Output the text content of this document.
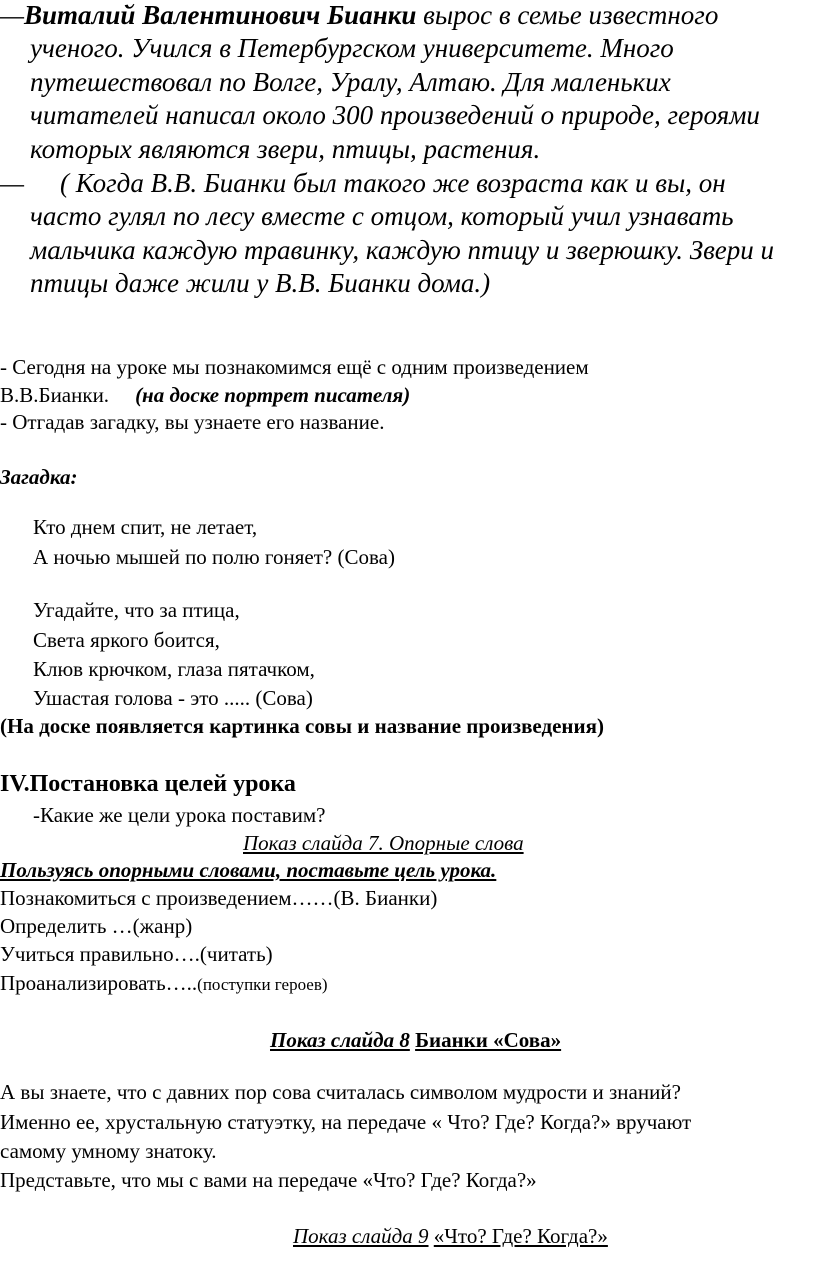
—Виталий Валентинович Бианки вырос в семье известного
ученого. Учился в Петербургском университете. Много
путешествовал по Волге, Уралу, Алтаю. Для маленьких
читателей написал около 300 произведений о природе, героями
которых являются звери, птицы, растения.
— ( Когда В.В. Бианки был такого же возраста как и вы, он
часто гулял по лесу вместе с отцом, который учил узнавать
мальчика каждую травинку, каждую птицу и зверюшку. Звери и
птицы даже жили у В.В. Бианки дома.)
- Сегодня на уроке мы познакомимся ещё с одним произведением
В.В.Бианки. (на доске портрет писателя)
- Отгадав загадку, вы узнаете его название.
Загадка:
Кто днем спит, не летает,
А ночью мышей по полю гоняет? (Сова)
Угадайте, что за птица,
Света яркого боится,
Клюв крючком, глаза пятачком,
Ушастая голова - это ..... (Сова)
(На доске появляется картинка совы и название произведения)
IV.Постановка целей урока
-Какие же цели урока поставим?
Показ слайда 7. Опорные слова
Пользуясь опорными словами, поставьте цель урока.
Познакомиться с произведением……(В. Бианки)
Определить …(жанр)
Учиться правильно….(читать)
Проанализировать…..(поступки героев)
Показ слайда 8 Бианки «Сова»
А вы знаете, что с давних пор сова считалась символом мудрости и знаний?
Именно ее, хрустальную статуэтку, на передаче « Что? Где? Когда?» вручают
самому умному знатоку.
Представьте, что мы с вами на передаче «Что? Где? Когда?»
Показ слайда 9 «Что? Где? Когда?»
